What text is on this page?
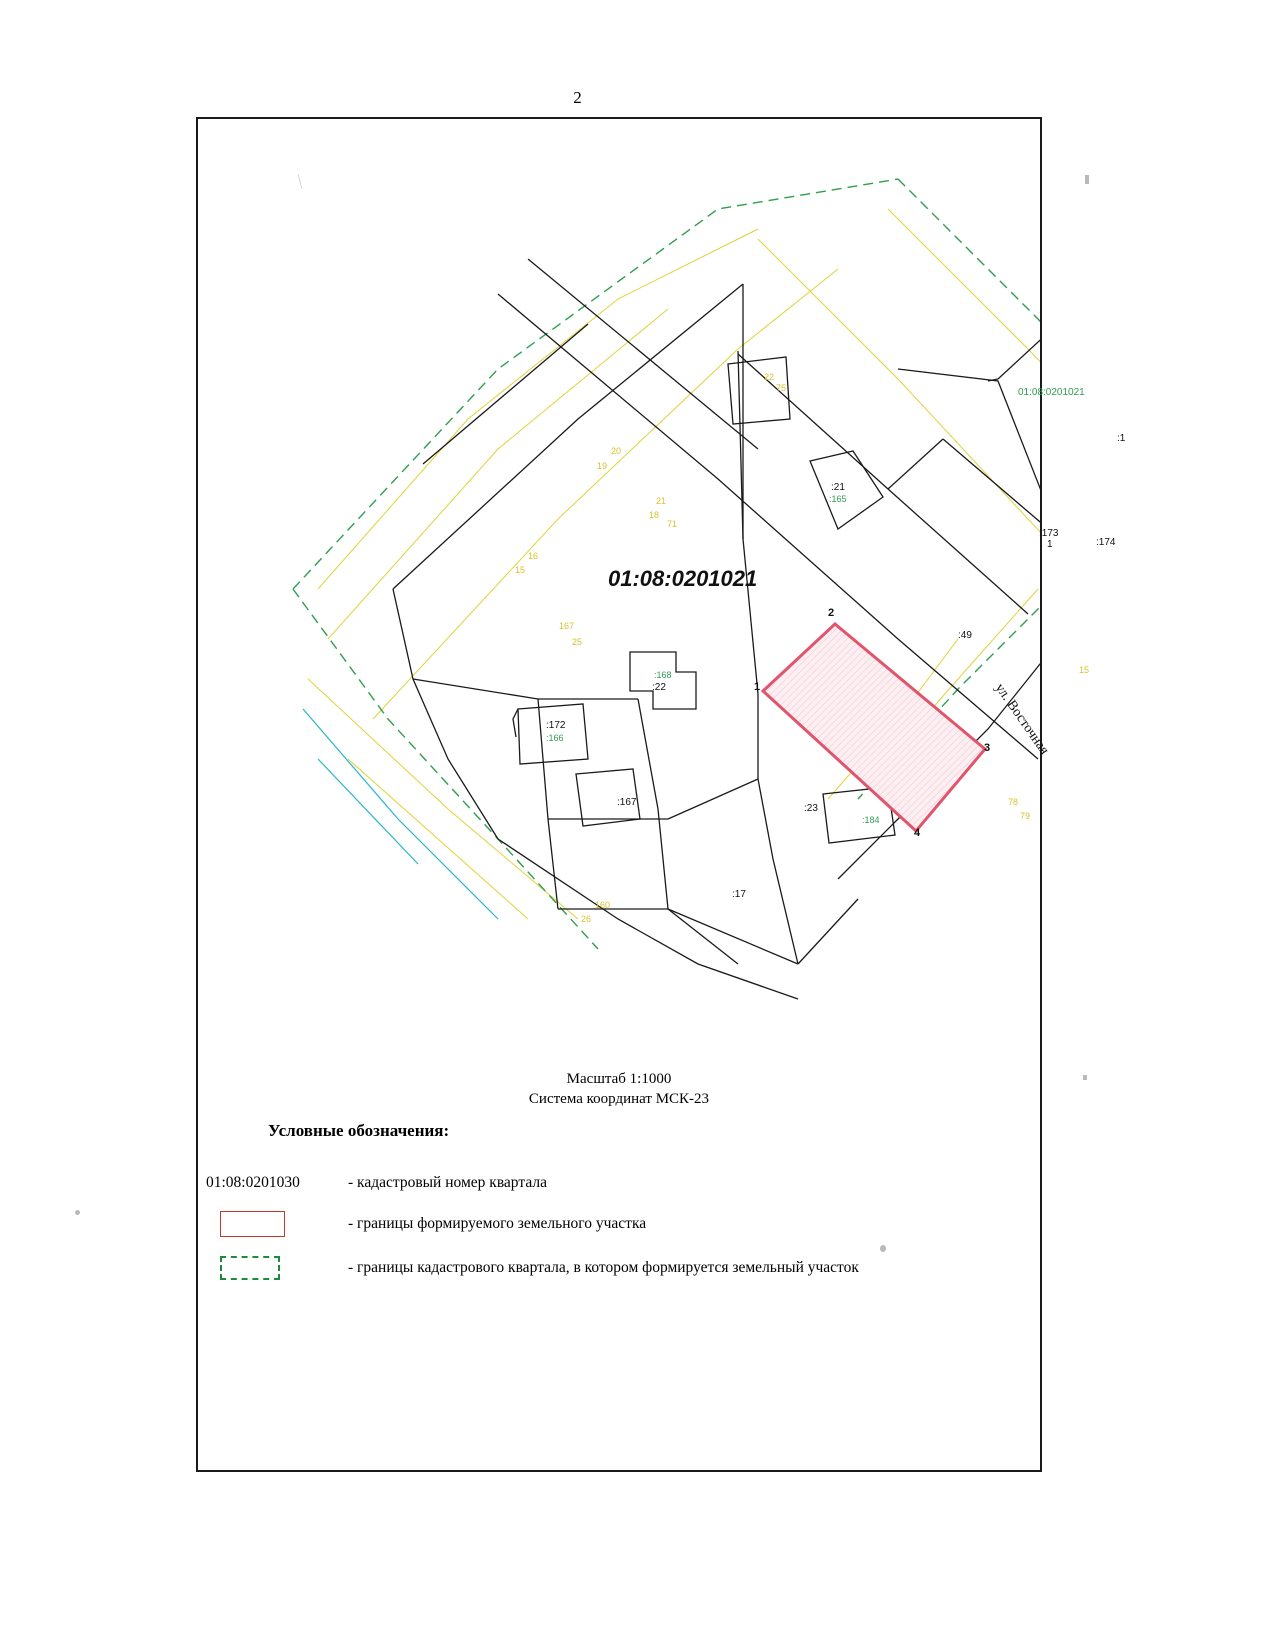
2
01:08:0201021
01:08:0201021
ул. Восточная
1
2
3
4
:21
:165
:1
:173
1	:174
:49
:168
:22
:172
:166
:167
:23
:184
:17
22
75
20
19
21
18
71
16
15
167
25
15
78
79
160
26
Масштаб 1:1000
Система координат МСК-23
Условные обозначения:
01:08:0201030	- кадастровый номер квартала
- границы формируемого земельного участка
- границы кадастрового квартала, в котором формируется земельный участок
